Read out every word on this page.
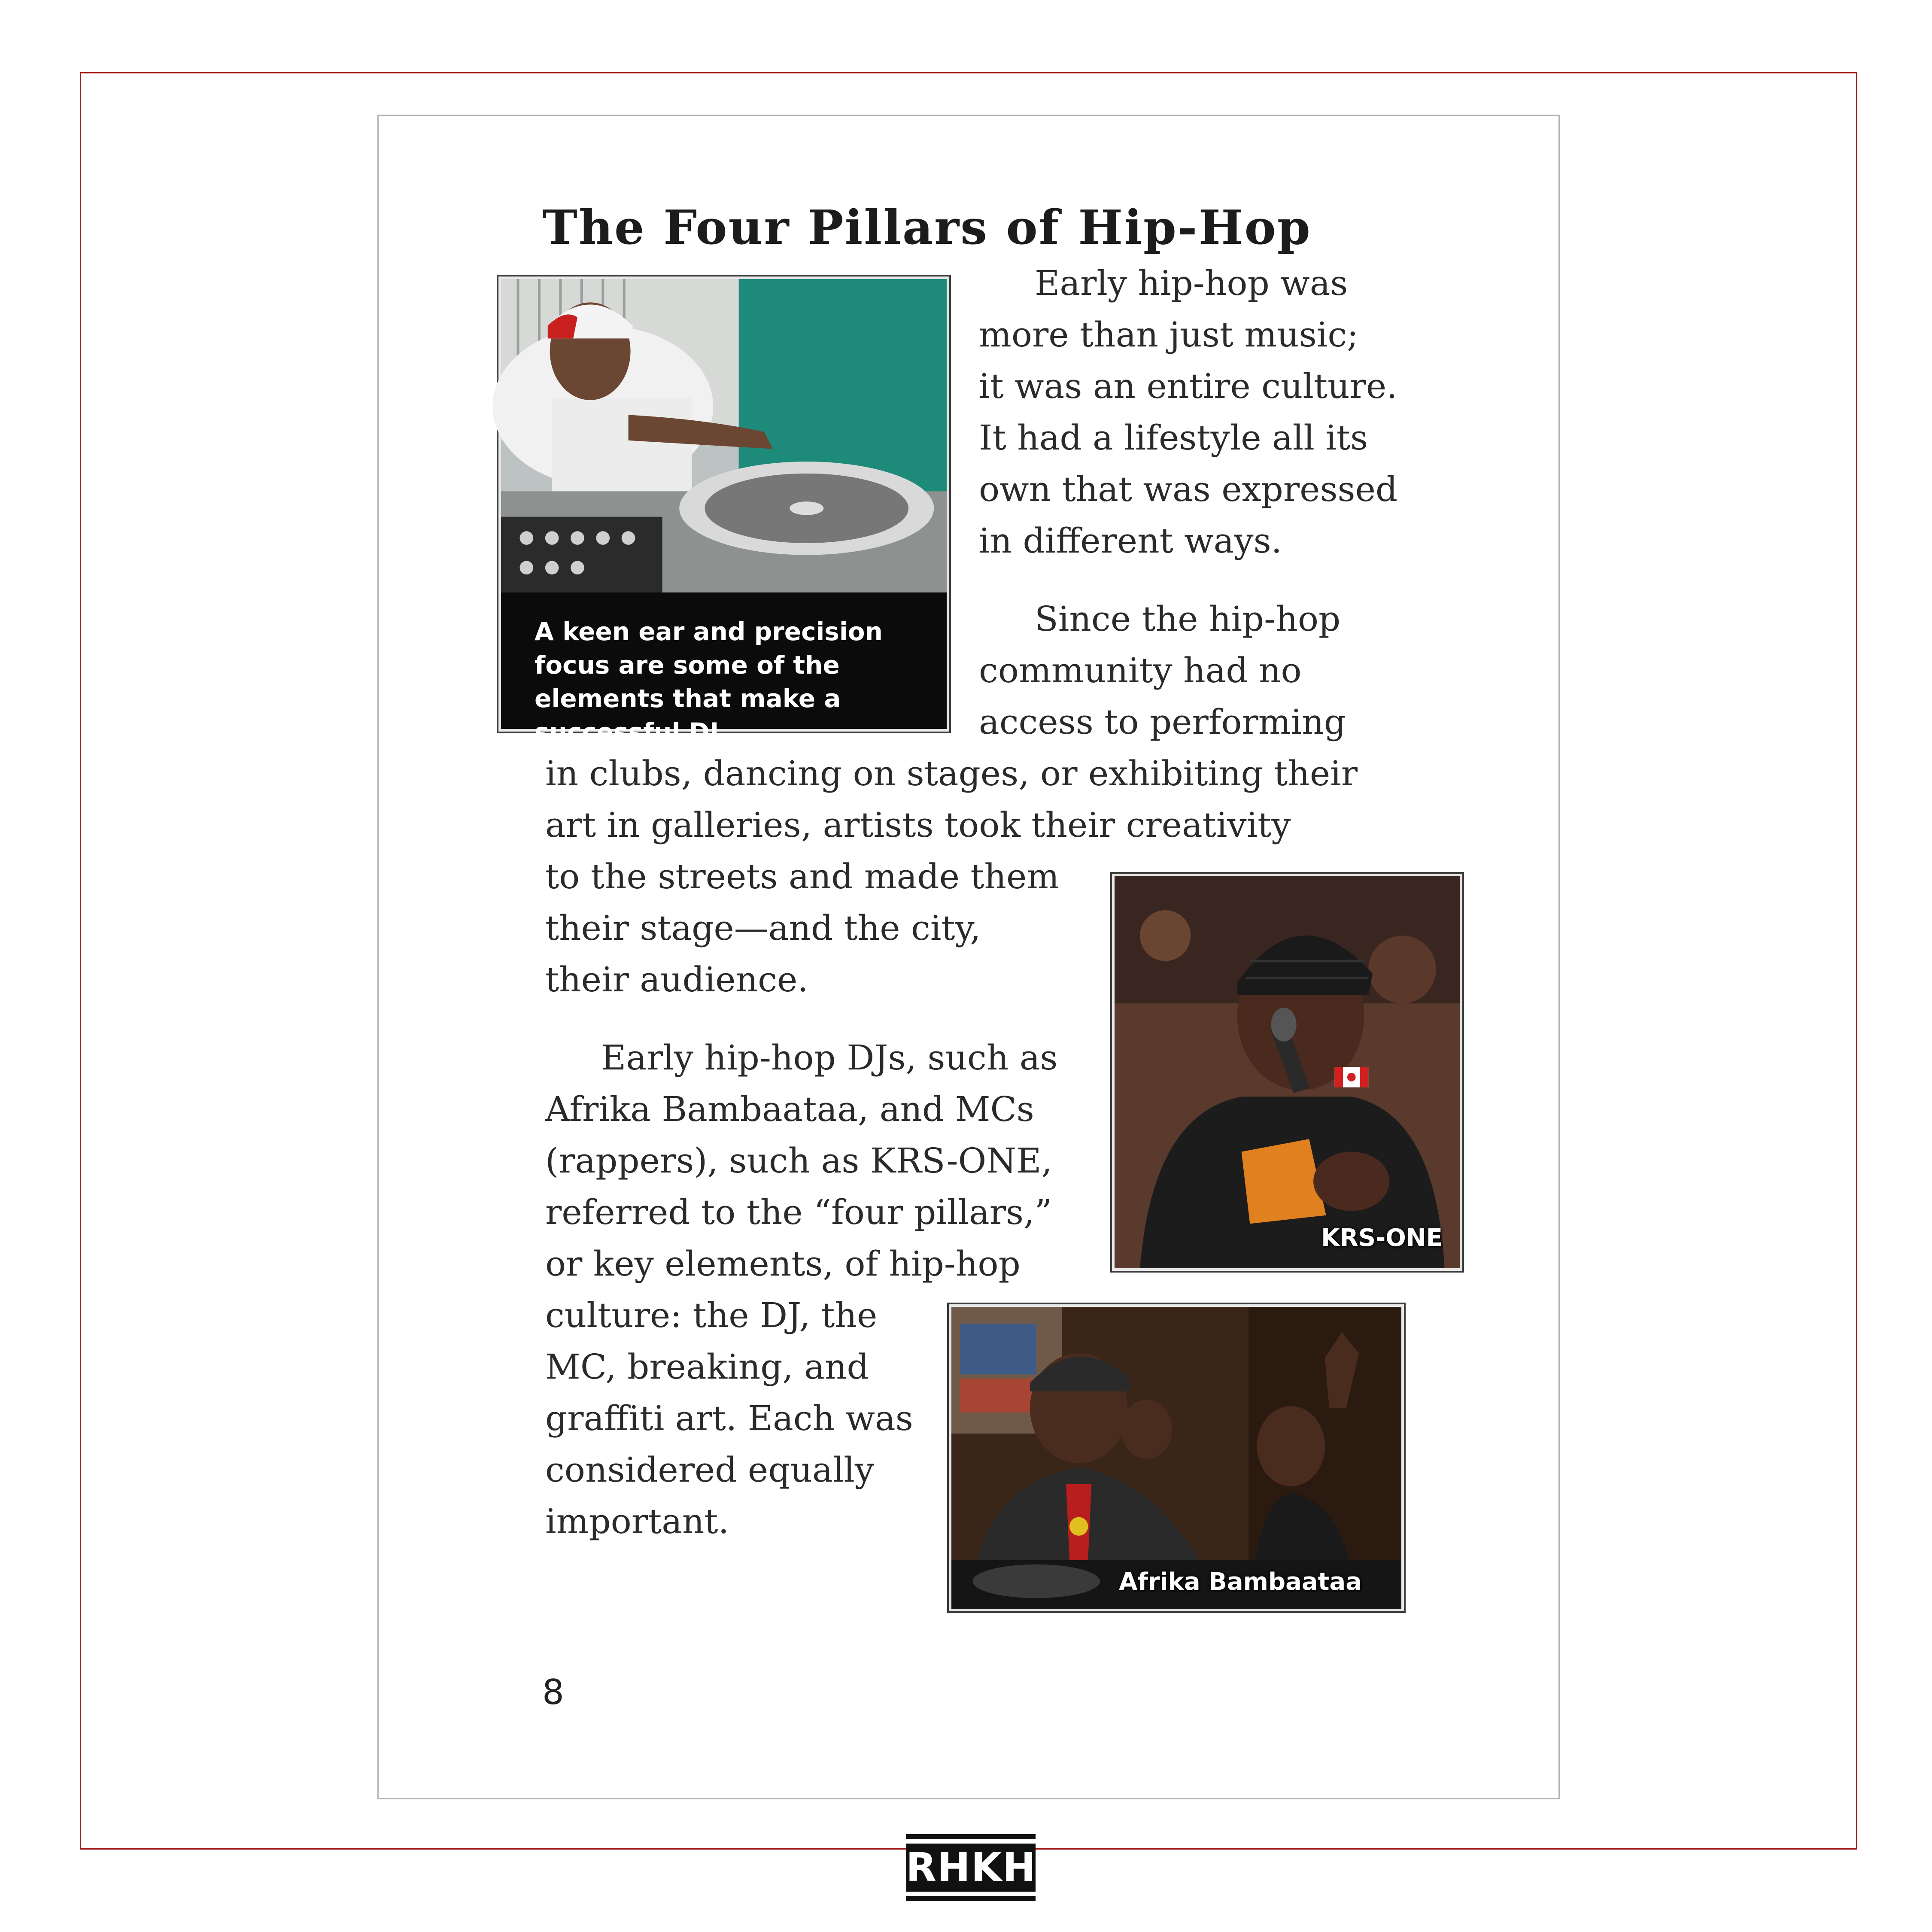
The Four Pillars of Hip-Hop
A keen ear and precision focus are some of the elements that make a successful DJ.
Early hip-hop was
more than just music;
it was an entire culture.
It had a lifestyle all its
own that was expressed
in different ways.
Since the hip-hop
community had no
access to performing
in clubs, dancing on stages, or exhibiting their
art in galleries, artists took their creativity
to the streets and made them
their stage—and the city,
their audience.
KRS-ONE
Early hip-hop DJs, such as
Afrika Bambaataa, and MCs
(rappers), such as KRS-ONE,
referred to the “four pillars,”
or key elements, of hip-hop
culture: the DJ, the
MC, breaking, and
graffiti art. Each was
considered equally
important.
Afrika Bambaataa
8
RHKH
